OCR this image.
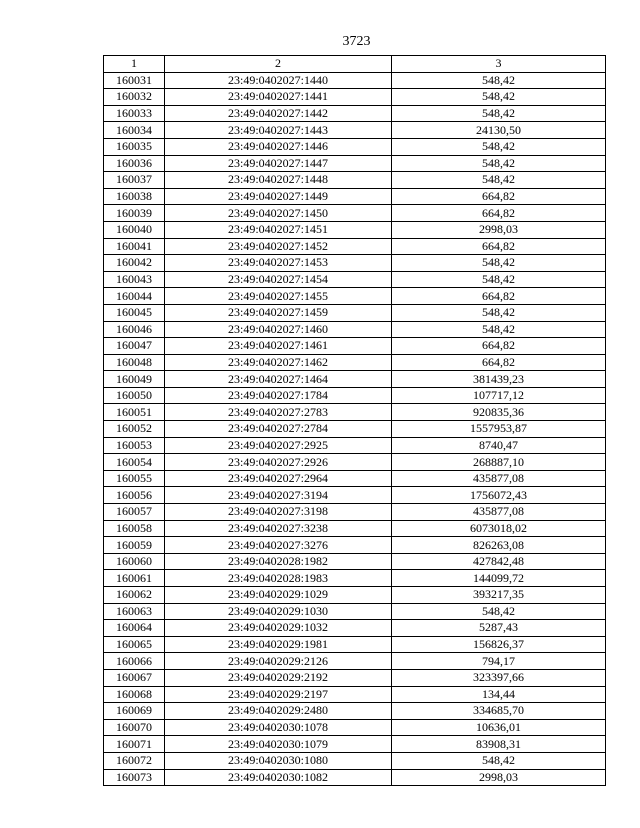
3723
1	2	3
160031	23:49:0402027:1440	548,42
160032	23:49:0402027:1441	548,42
160033	23:49:0402027:1442	548,42
160034	23:49:0402027:1443	24130,50
160035	23:49:0402027:1446	548,42
160036	23:49:0402027:1447	548,42
160037	23:49:0402027:1448	548,42
160038	23:49:0402027:1449	664,82
160039	23:49:0402027:1450	664,82
160040	23:49:0402027:1451	2998,03
160041	23:49:0402027:1452	664,82
160042	23:49:0402027:1453	548,42
160043	23:49:0402027:1454	548,42
160044	23:49:0402027:1455	664,82
160045	23:49:0402027:1459	548,42
160046	23:49:0402027:1460	548,42
160047	23:49:0402027:1461	664,82
160048	23:49:0402027:1462	664,82
160049	23:49:0402027:1464	381439,23
160050	23:49:0402027:1784	107717,12
160051	23:49:0402027:2783	920835,36
160052	23:49:0402027:2784	1557953,87
160053	23:49:0402027:2925	8740,47
160054	23:49:0402027:2926	268887,10
160055	23:49:0402027:2964	435877,08
160056	23:49:0402027:3194	1756072,43
160057	23:49:0402027:3198	435877,08
160058	23:49:0402027:3238	6073018,02
160059	23:49:0402027:3276	826263,08
160060	23:49:0402028:1982	427842,48
160061	23:49:0402028:1983	144099,72
160062	23:49:0402029:1029	393217,35
160063	23:49:0402029:1030	548,42
160064	23:49:0402029:1032	5287,43
160065	23:49:0402029:1981	156826,37
160066	23:49:0402029:2126	794,17
160067	23:49:0402029:2192	323397,66
160068	23:49:0402029:2197	134,44
160069	23:49:0402029:2480	334685,70
160070	23:49:0402030:1078	10636,01
160071	23:49:0402030:1079	83908,31
160072	23:49:0402030:1080	548,42
160073	23:49:0402030:1082	2998,03
